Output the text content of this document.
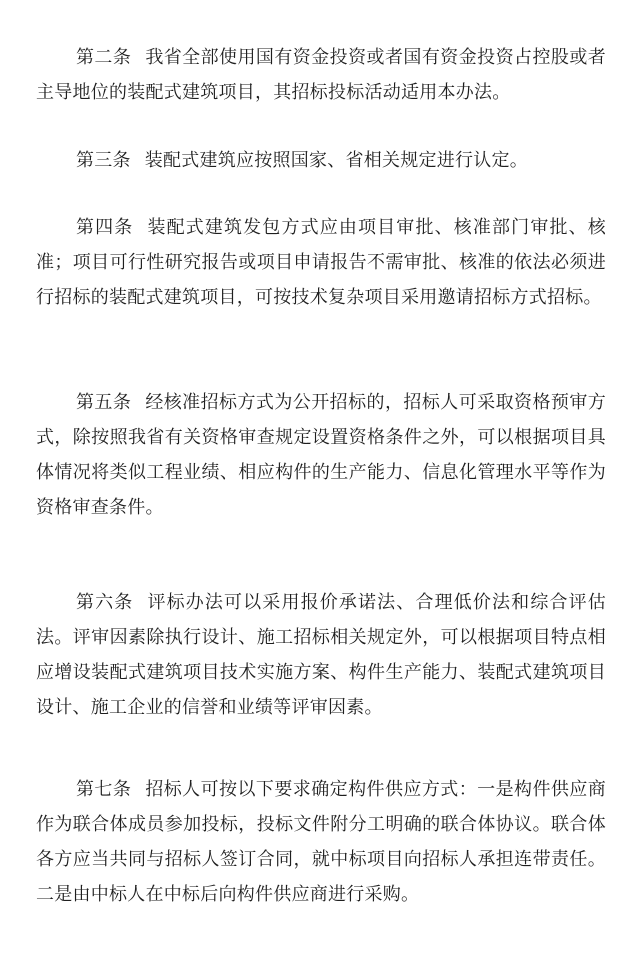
第二条 我省全部使用国有资金投资或者国有资金投资占控股或者主导地位的装配式建筑项目，其招标投标活动适用本办法。

第三条 装配式建筑应按照国家、省相关规定进行认定。

第四条 装配式建筑发包方式应由项目审批、核准部门审批、核准；项目可行性研究报告或项目申请报告不需审批、核准的依法必须进行招标的装配式建筑项目，可按技术复杂项目采用邀请招标方式招标。

第五条 经核准招标方式为公开招标的，招标人可采取资格预审方式，除按照我省有关资格审查规定设置资格条件之外，可以根据项目具体情况将类似工程业绩、相应构件的生产能力、信息化管理水平等作为资格审查条件。

第六条 评标办法可以采用报价承诺法、合理低价法和综合评估法。评审因素除执行设计、施工招标相关规定外，可以根据项目特点相应增设装配式建筑项目技术实施方案、构件生产能力、装配式建筑项目设计、施工企业的信誉和业绩等评审因素。

第七条 招标人可按以下要求确定构件供应方式：一是构件供应商作为联合体成员参加投标，投标文件附分工明确的联合体协议。联合体各方应当共同与招标人签订合同，就中标项目向招标人承担连带责任。二是由中标人在中标后向构件供应商进行采购。
